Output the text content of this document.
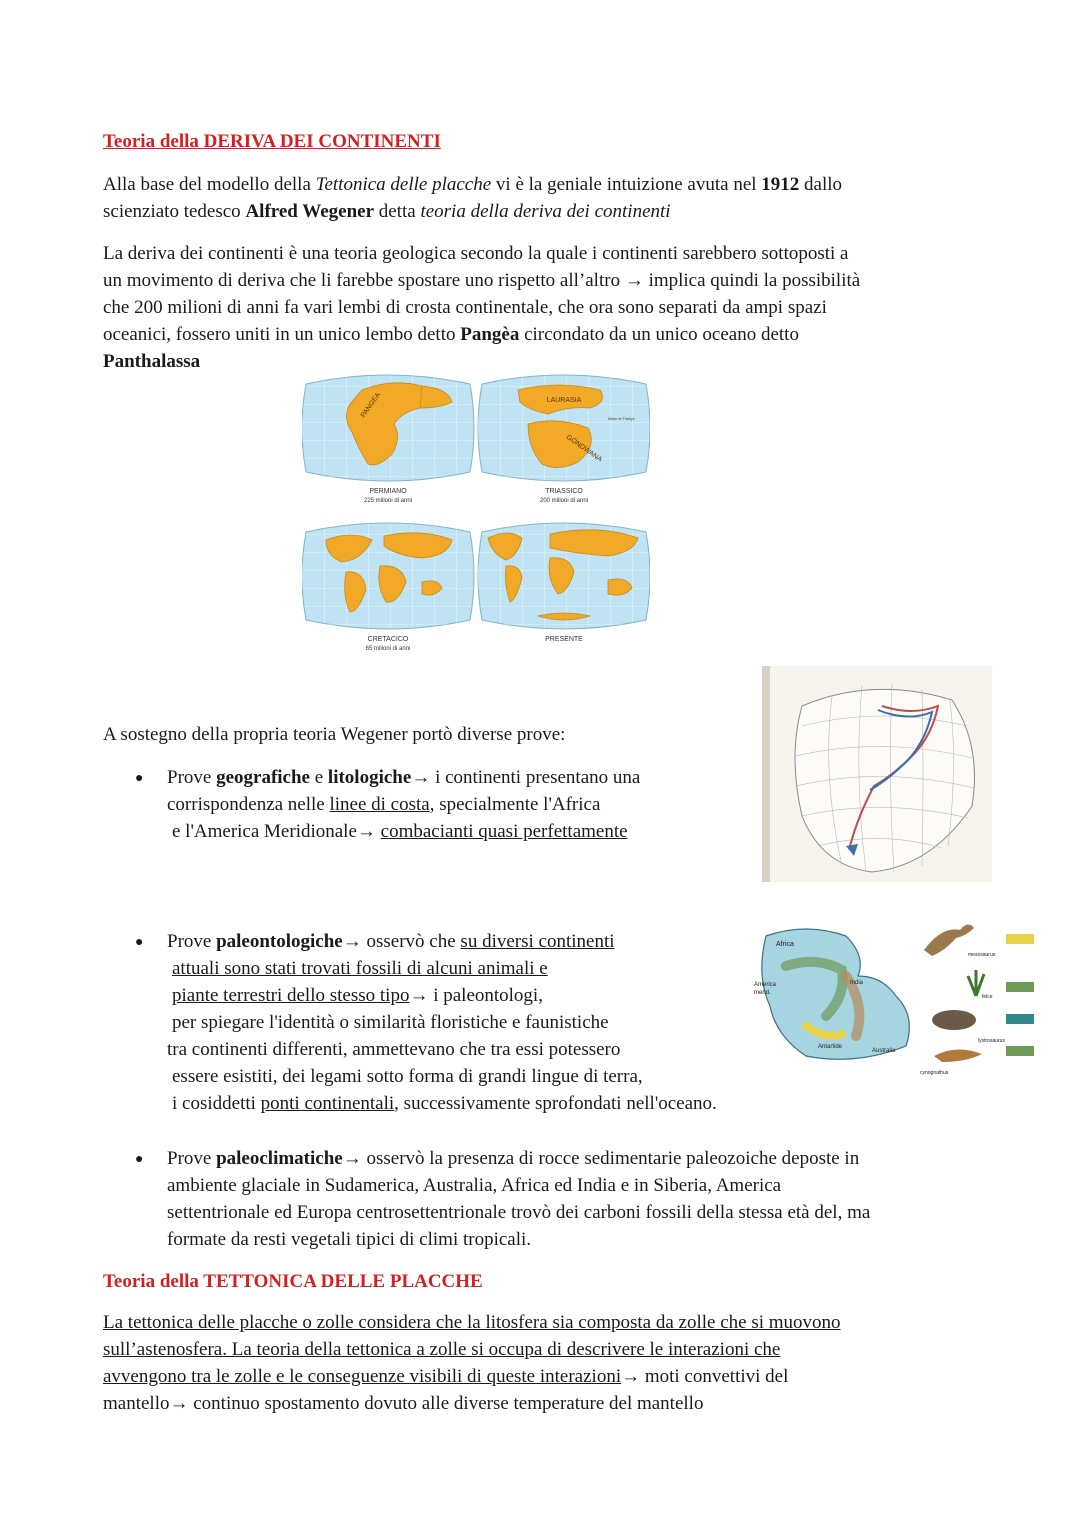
Teoria della DERIVA DEI CONTINENTI

Alla base del modello della Tettonica delle placche vi è la geniale intuizione avuta nel 1912 dallo
scienziato tedesco Alfred Wegener detta teoria della deriva dei continenti

La deriva dei continenti è una teoria geologica secondo la quale i continenti sarebbero sottoposti a
un movimento di deriva che li farebbe spostare uno rispetto all’altro → implica quindi la possibilità
che 200 milioni di anni fa vari lembi di crosta continentale, che ora sono separati da ampi spazi
oceanici, fossero uniti in un unico lembo detto Pangèa circondato da un unico oceano detto
Panthalassa

PANGEA
PERMIANO
225 milioni di anni
LAURASIA
GONDWANA
Mare di Thetys
TRIASSICO
200 milioni di anni
CRETACICO
65 milioni di anni
PRESENTE

A sostegno della propria teoria Wegener portò diverse prove:

●	Prove geografiche e litologiche→ i continenti presentano una
corrispondenza nelle linee di costa, specialmente l'Africa
e l'America Meridionale→ combacianti quasi perfettamente

Africa
America
merid.
India
Antartide
Australia
mesosaurus
felce
lystrosaurus
cynognathus
●	Prove paleontologiche→ osservò che su diversi continenti
attuali sono stati trovati fossili di alcuni animali e
piante terrestri dello stesso tipo→ i paleontologi,
per spiegare l'identità o similarità floristiche e faunistiche
tra continenti differenti, ammettevano che tra essi potessero
essere esistiti, dei legami sotto forma di grandi lingue di terra,
i cosiddetti ponti continentali, successivamente sprofondati nell'oceano.

●	Prove paleoclimatiche→ osservò la presenza di rocce sedimentarie paleozoiche deposte in
ambiente glaciale in Sudamerica, Australia, Africa ed India e in Siberia, America
settentrionale ed Europa centrosettentrionale trovò dei carboni fossili della stessa età del, ma
formate da resti vegetali tipici di climi tropicali.

Teoria della TETTONICA DELLE PLACCHE

La tettonica delle placche o zolle considera che la litosfera sia composta da zolle che si muovono
sull’astenosfera. La teoria della tettonica a zolle si occupa di descrivere le interazioni che
avvengono tra le zolle e le conseguenze visibili di queste interazioni→ moti convettivi del
mantello→ continuo spostamento dovuto alle diverse temperature del mantello
